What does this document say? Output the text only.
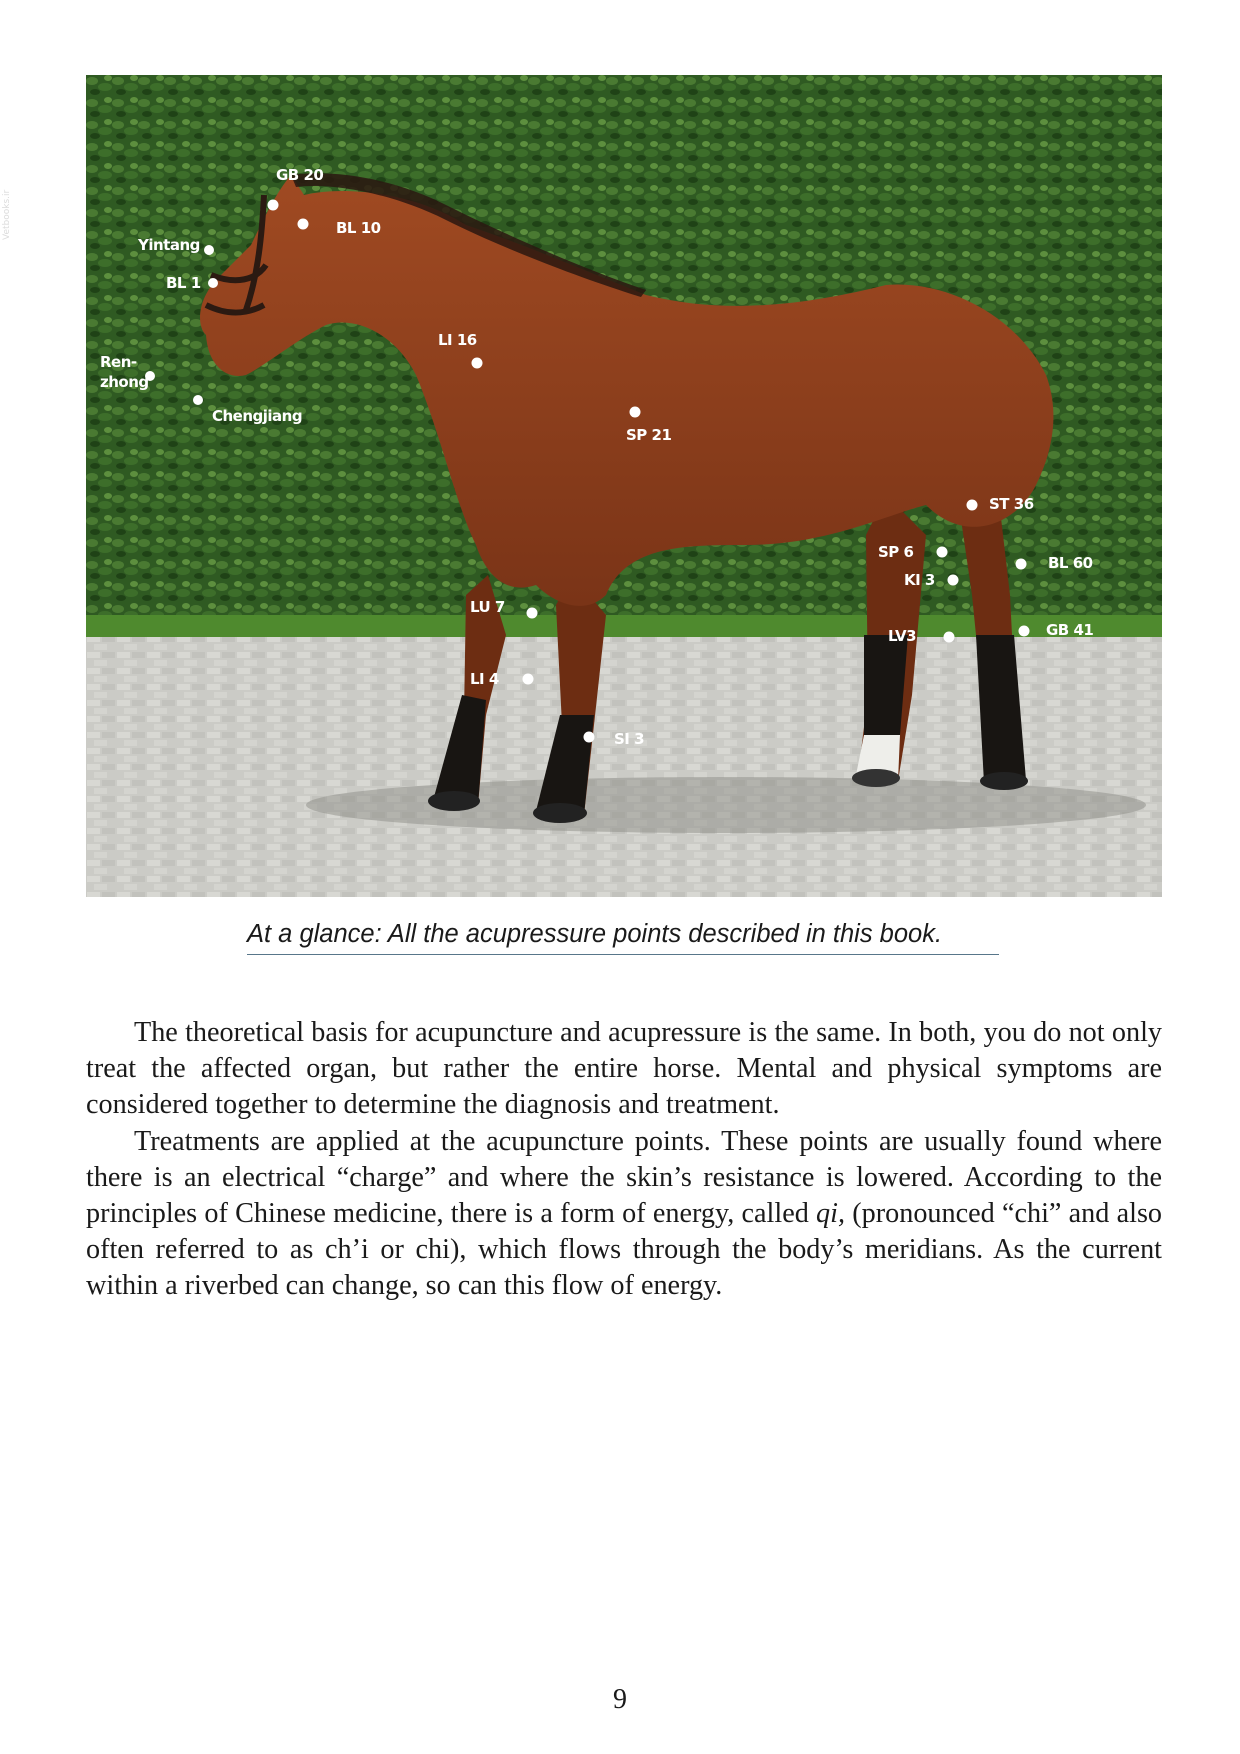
Vetbooks.ir
GB 20
BL 10
Yintang
BL 1
Ren-
zhong
Chengjiang
LI 16
SP 21
ST 36
SP 6
KI 3
BL 60
LU 7
LV3	GB 41
LI 4
SI 3
At a glance: All the acupressure points described in this book.

The theoretical basis for acupuncture and acupressure is the same. In both, you do not only treat the affected organ, but rather the entire horse. Mental and physical symptoms are considered together to determine the diagnosis and treatment.

Treatments are applied at the acupuncture points. These points are usually found where there is an electrical “charge” and where the skin’s resistance is lowered. According to the principles of Chinese medicine, there is a form of energy, called qi, (pronounced “chi” and also often referred to as ch’i or chi), which flows through the body’s meridians. As the current within a riverbed can change, so can this flow of energy.

9
